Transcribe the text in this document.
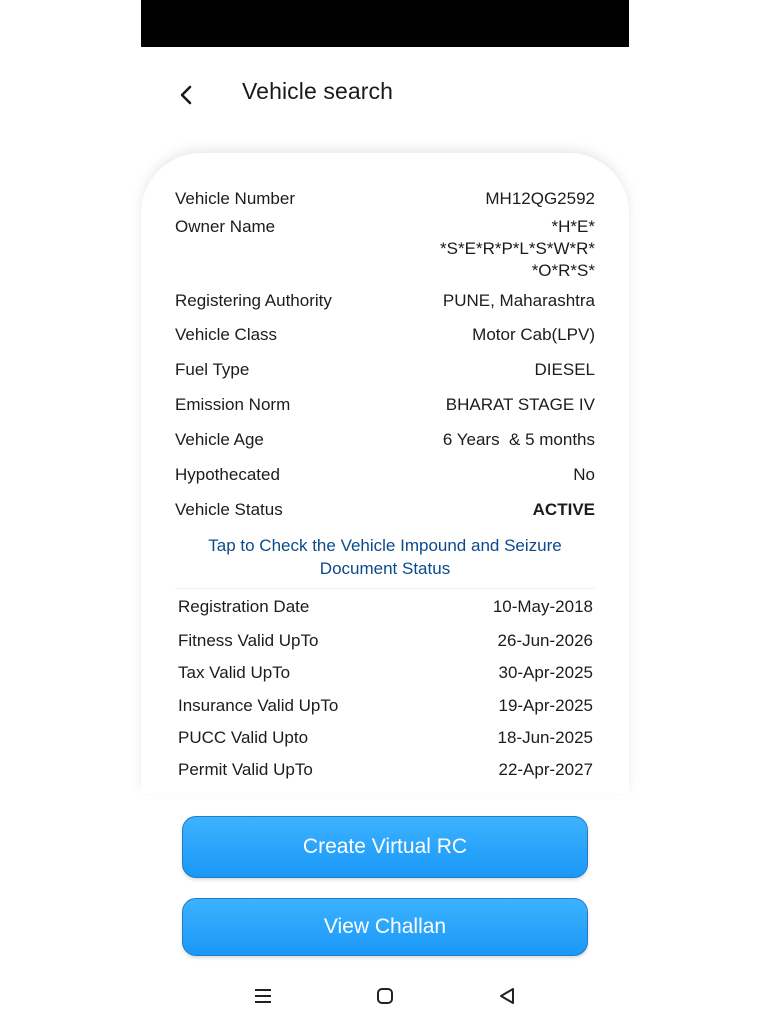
Vehicle search
Vehicle Number	MH12QG2592
Owner Name	*H*E*
*S*E*R*P*L*S*W*R*
*O*R*S*
Registering Authority	PUNE, Maharashtra
Vehicle Class	Motor Cab(LPV)
Fuel Type	DIESEL
Emission Norm	BHARAT STAGE IV
Vehicle Age	6 Years  & 5 months
Hypothecated	No
Vehicle Status	ACTIVE
Tap to Check the Vehicle Impound and Seizure
Document Status
Registration Date	10-May-2018
Fitness Valid UpTo	26-Jun-2026
Tax Valid UpTo	30-Apr-2025
Insurance Valid UpTo	19-Apr-2025
PUCC Valid Upto	18-Jun-2025
Permit Valid UpTo	22-Apr-2027
Create Virtual RC
View Challan
